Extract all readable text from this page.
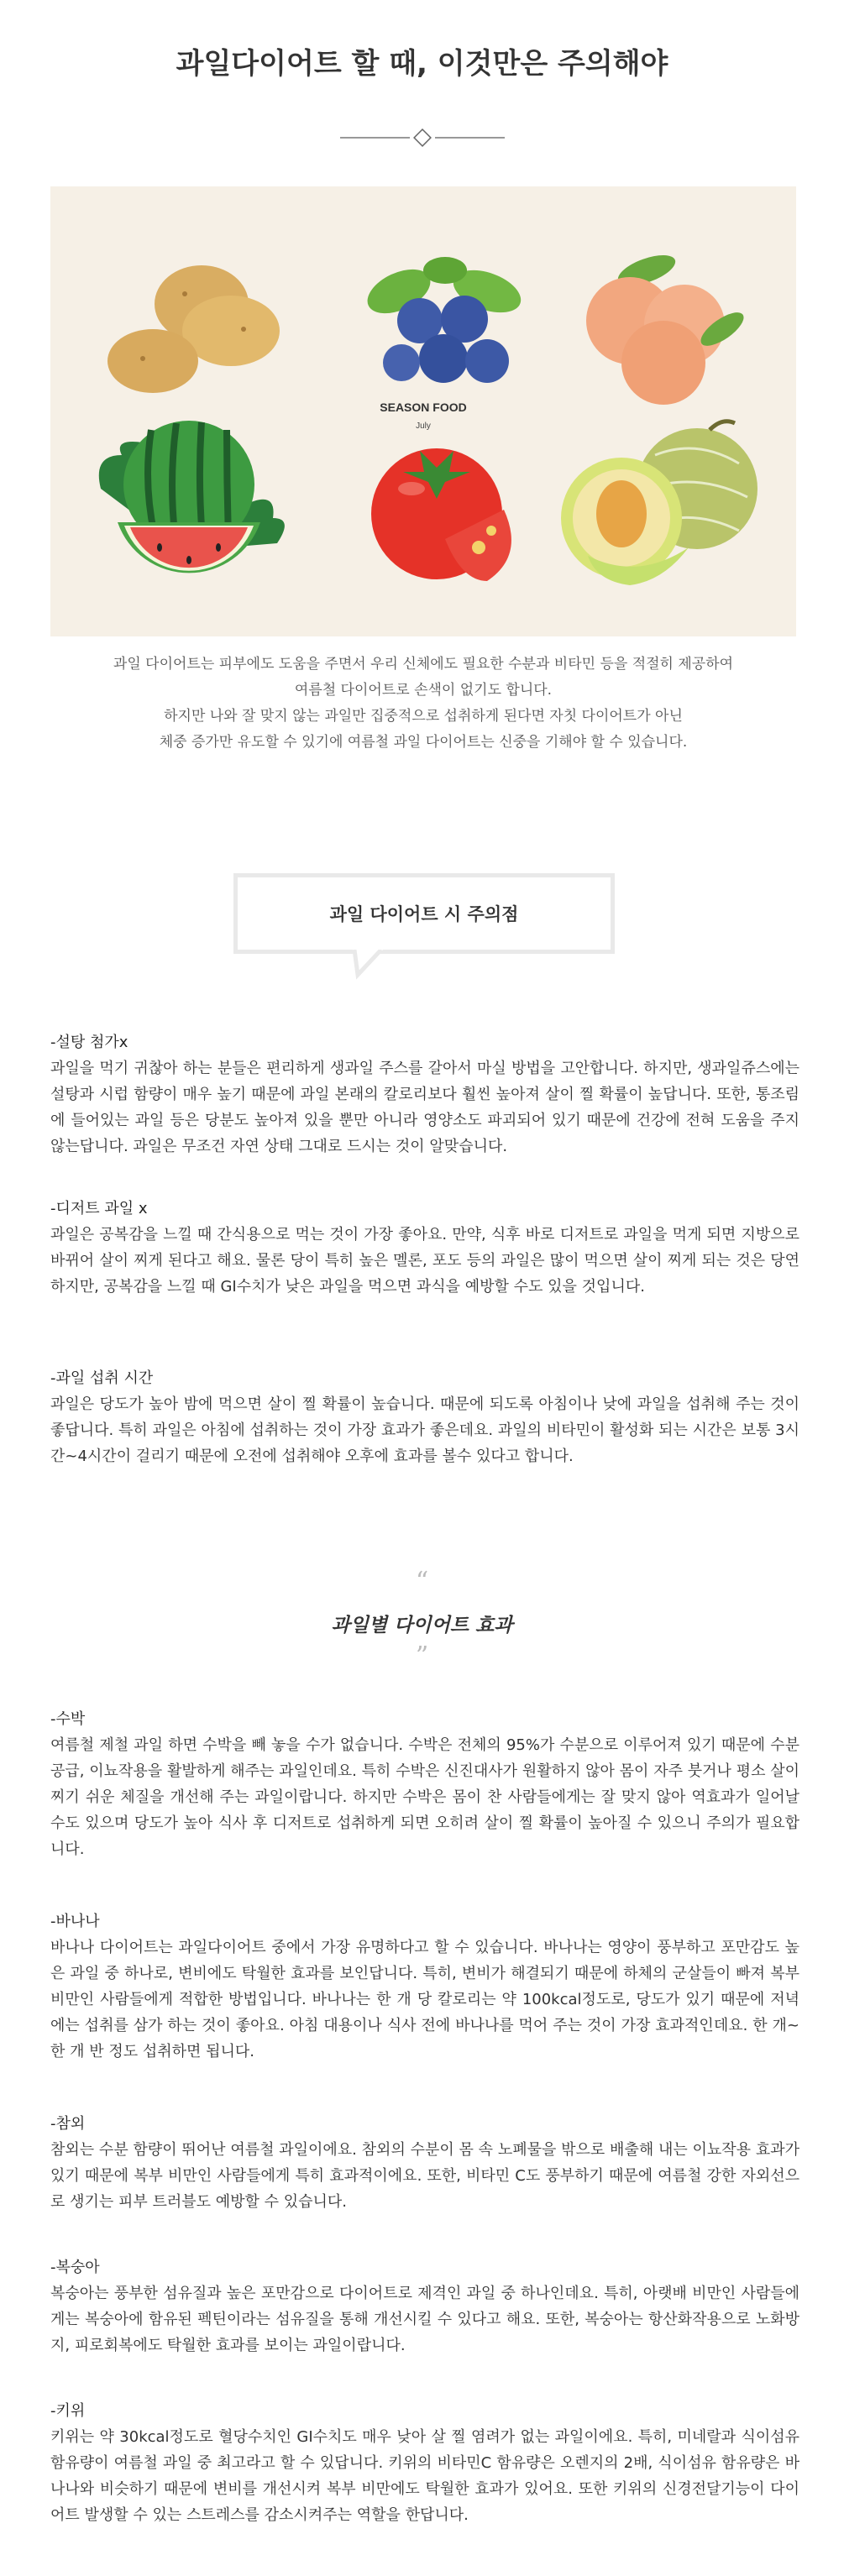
과일다이어트 할 때, 이것만은 주의해야
SEASON FOOD
July

과일 다이어트는 피부에도 도움을 주면서 우리 신체에도 필요한 수분과 비타민 등을 적절히 제공하여

여름철 다이어트로 손색이 없기도 합니다.

하지만 나와 잘 맞지 않는 과일만 집중적으로 섭취하게 된다면 자칫 다이어트가 아닌

체중 증가만 유도할 수 있기에 여름철 과일 다이어트는 신중을 기해야 할 수 있습니다.

과일 다이어트 시 주의점
-설탕 첨가x

과일을 먹기 귀찮아 하는 분들은 편리하게 생과일 주스를 갈아서 마실 방법을 고안합니다. 하지만, 생과일쥬스에는 설탕과 시럽 함량이 매우 높기 때문에 과일 본래의 칼로리보다 훨씬 높아져 살이 찔 확률이 높답니다. 또한, 통조림에 들어있는 과일 등은 당분도 높아져 있을 뿐만 아니라 영양소도 파괴되어 있기 때문에 건강에 전혀 도움을 주지 않는답니다. 과일은 무조건 자연 상태 그대로 드시는 것이 알맞습니다.

-디저트 과일 x

과일은 공복감을 느낄 때 간식용으로 먹는 것이 가장 좋아요. 만약, 식후 바로 디저트로 과일을 먹게 되면 지방으로 바뀌어 살이 찌게 된다고 해요. 물론 당이 특히 높은 멜론, 포도 등의 과일은 많이 먹으면 살이 찌게 되는 것은 당연하지만, 공복감을 느낄 때 GI수치가 낮은 과일을 먹으면 과식을 예방할 수도 있을 것입니다.

-과일 섭취 시간

과일은 당도가 높아 밤에 먹으면 살이 찔 확률이 높습니다. 때문에 되도록 아침이나 낮에 과일을 섭취해 주는 것이 좋답니다. 특히 과일은 아침에 섭취하는 것이 가장 효과가 좋은데요. 과일의 비타민이 활성화 되는 시간은 보통 3시간~4시간이 걸리기 때문에 오전에 섭취해야 오후에 효과를 볼수 있다고 합니다.

“
과일별 다이어트 효과
”
-수박

여름철 제철 과일 하면 수박을 빼 놓을 수가 없습니다. 수박은 전체의 95%가 수분으로 이루어져 있기 때문에 수분공급, 이뇨작용을 활발하게 해주는 과일인데요. 특히 수박은 신진대사가 원활하지 않아 몸이 자주 붓거나 평소 살이 찌기 쉬운 체질을 개선해 주는 과일이랍니다. 하지만 수박은 몸이 찬 사람들에게는 잘 맞지 않아 역효과가 일어날 수도 있으며 당도가 높아 식사 후 디저트로 섭취하게 되면 오히려 살이 찔 확률이 높아질 수 있으니 주의가 필요합니다.

-바나나

바나나 다이어트는 과일다이어트 중에서 가장 유명하다고 할 수 있습니다. 바나나는 영양이 풍부하고 포만감도 높은 과일 중 하나로, 변비에도 탁월한 효과를 보인답니다. 특히, 변비가 해결되기 때문에 하체의 군살들이 빠져 복부 비만인 사람들에게 적합한 방법입니다. 바나나는 한 개 당 칼로리는 약 100kcal정도로, 당도가 있기 때문에 저녁에는 섭취를 삼가 하는 것이 좋아요. 아침 대용이나 식사 전에 바나나를 먹어 주는 것이 가장 효과적인데요. 한 개~한 개 반 정도 섭취하면 됩니다.

-참외

참외는 수분 함량이 뛰어난 여름철 과일이에요. 참외의 수분이 몸 속 노폐물을 밖으로 배출해 내는 이뇨작용 효과가 있기 때문에 복부 비만인 사람들에게 특히 효과적이에요. 또한, 비타민 C도 풍부하기 때문에 여름철 강한 자외선으로 생기는 피부 트러블도 예방할 수 있습니다.

-복숭아

복숭아는 풍부한 섬유질과 높은 포만감으로 다이어트로 제격인 과일 중 하나인데요. 특히, 아랫배 비만인 사람들에게는 복숭아에 함유된 펙틴이라는 섬유질을 통해 개선시킬 수 있다고 해요. 또한, 복숭아는 항산화작용으로 노화방지, 피로회복에도 탁월한 효과를 보이는 과일이랍니다.

-키위

키위는 약 30kcal정도로 혈당수치인 GI수치도 매우 낮아 살 찔 염려가 없는 과일이에요. 특히, 미네랄과 식이섬유 함유량이 여름철 과일 중 최고라고 할 수 있답니다. 키위의 비타민C 함유량은 오렌지의 2배, 식이섬유 함유량은 바나나와 비슷하기 때문에 변비를 개선시켜 복부 비만에도 탁월한 효과가 있어요. 또한 키위의 신경전달기능이 다이어트 발생할 수 있는 스트레스를 감소시켜주는 역할을 한답니다.
